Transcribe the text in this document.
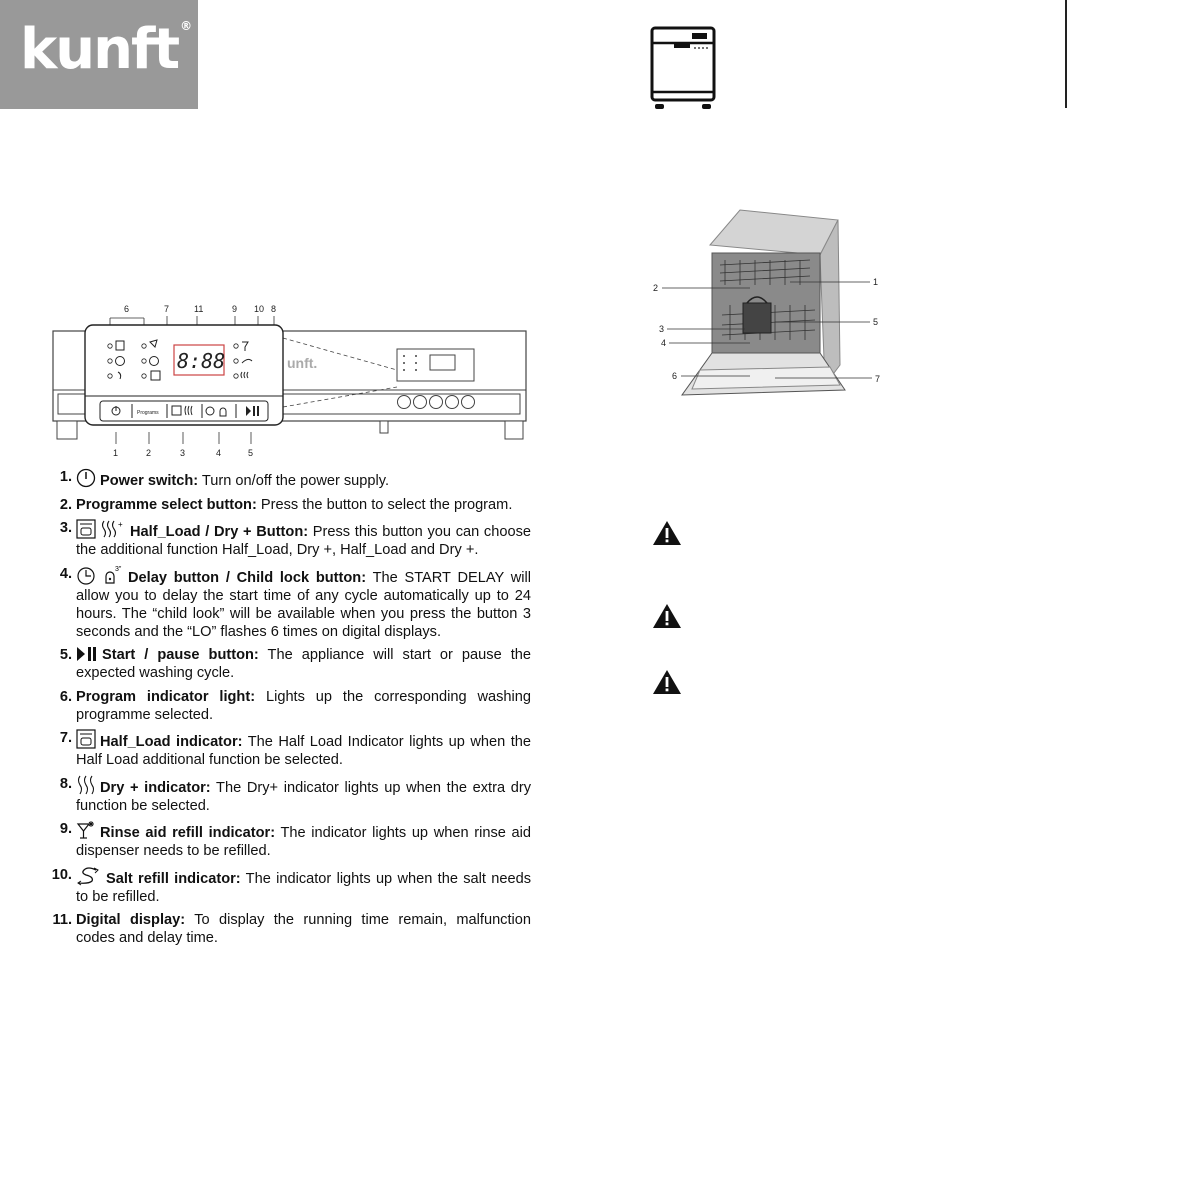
kunft ®
6	7	11	9 10 8
1	2	3	4	5
unft.
8:88
Programs
2
3
4
6
1
5
7
1. Power switch: Turn on/off the power supply.
2. Programme select button: Press the button to select the program.
3.	+ Half_Load / Dry + Button: Press this button you can choose the additional function Half_Load, Dry +, Half_Load and Dry +.
4.	3"
Delay button / Child lock button: The START DELAY will allow you to delay the start time of any cycle automatically up to 24 hours. The “child look” will be available when you press the button 3 seconds and the “LO” flashes 6 times on digital displays.
5. Start / pause button: The appliance will start or pause the expected washing cycle.
6. Program indicator light: Lights up the corresponding washing programme selected.
7. Half_Load indicator: The Half Load Indicator lights up when the Half Load additional function be selected.
8. Dry + indicator: The Dry+ indicator lights up when the extra dry function be selected.
9. Rinse aid refill indicator: The indicator lights up when rinse aid dispenser needs to be refilled.
10. Salt refill indicator: The indicator lights up when the salt needs to be refilled.
11. Digital display: To display the running time remain, malfunction codes and delay time.
